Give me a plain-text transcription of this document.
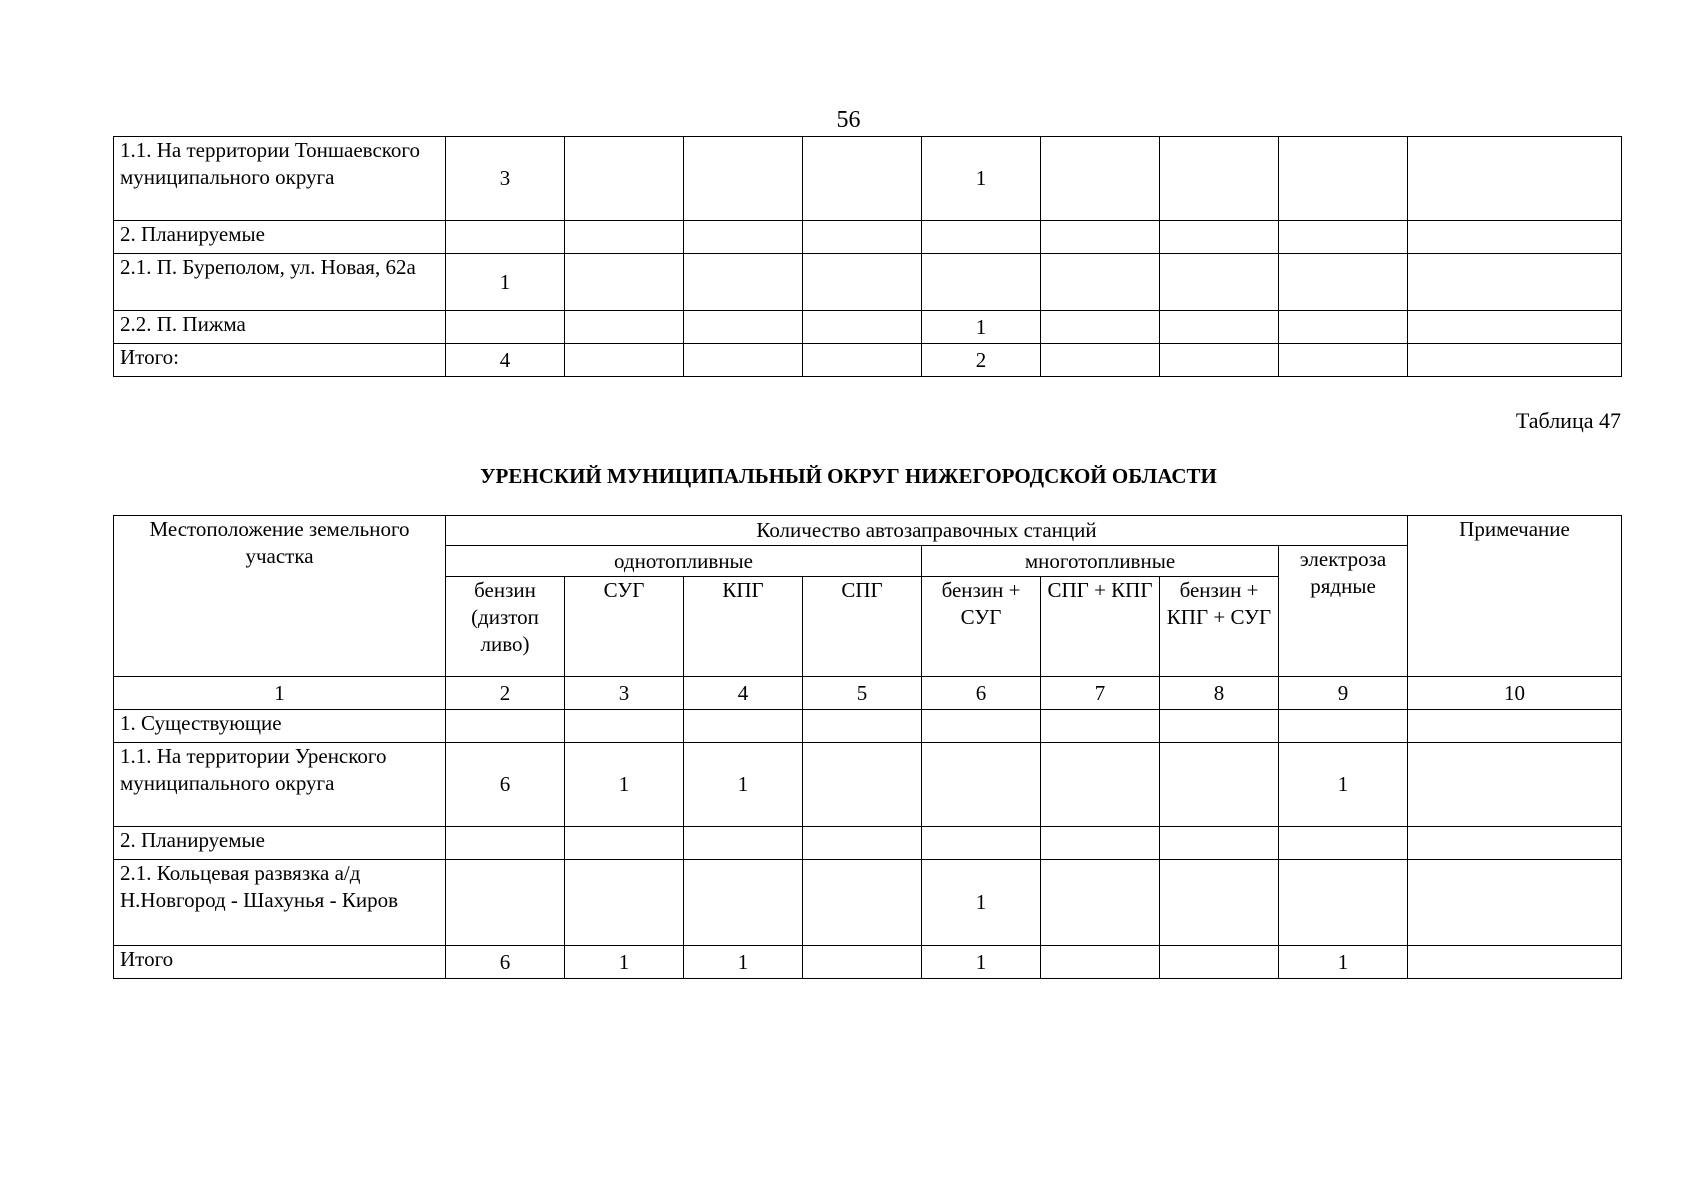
56
1.1. На территории Тоншаевского муниципального округа	3				1				
2. Планируемые									
2.1. П. Буреполом, ул. Новая, 62а	1								
2.2. П. Пижма					1				
Итого:	4				2				
Таблица 47
УРЕНСКИЙ МУНИЦИПАЛЬНЫЙ ОКРУГ НИЖЕГОРОДСКОЙ ОБЛАСТИ
Местоположение земельного участка	Количество автозаправочных станций								Примечание
	однотопливные				многотопливные			электроза рядные	
	бензин (дизтоп ливо)	СУГ	КПГ	СПГ	бензин + СУГ	СПГ + КПГ	бензин + КПГ + СУГ		
1	2	3	4	5	6	7	8	9	10
1. Существующие									
1.1. На территории Уренского муниципального округа	6	1	1					1	
2. Планируемые									
2.1. Кольцевая развязка а/д Н.Новгород - Шахунья - Киров					1				
Итого	6	1	1		1			1	
